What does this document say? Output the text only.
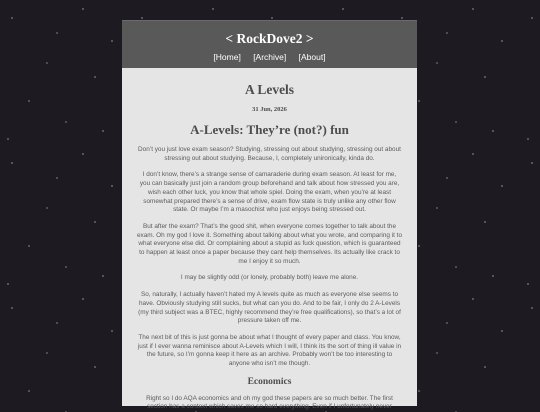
< RockDove2 >
[Home] [Archive] [About]
A Levels
31 Jun, 2026
A-Levels: They’re (not?) fun

Don’t you just love exam season? Studying, stressing out about studying, stressing out about stressing out about studying. Because, I, completely unironically, kinda do.

I don’t know, there’s a strange sense of camaraderie during exam season. At least for me, you can basically just join a random group beforehand and talk about how stressed you are, wish each other luck, you know that whole spiel. Doing the exam, when you’re at least somewhat prepared there’s a sense of drive, exam flow state is truly unlike any other flow state. Or maybe I’m a masochist who just enjoys being stressed out.

But after the exam? That’s the good shit, when everyone comes together to talk about the exam. Oh my god I love it. Something about talking about what you wrote, and comparing it to what everyone else did. Or complaining about a stupid as fuck question, which is guaranteed to happen at least once a paper because they cant help themselves. Its actually like crack to me I enjoy it so much.

I may be slightly odd (or lonely, probably both) leave me alone.

So, naturally, I actually haven’t hated my A levels quite as much as everyone else seems to have. Obviously studying still sucks, but what can you do. And to be fair, I only do 2 A-Levels (my third subject was a BTEC, highly recommend they’re free qualifications), so that’s a lot of pressure taken off me.

The next bit of this is just gonna be about what I thought of every paper and class. You know, just if I ever wanna reminisce about A-Levels which I will, I think its the sort of thing ill value in the future, so I’m gonna keep it here as an archive. Probably won’t be too interesting to anyone who isn’t me though.

Economics

Right so I do AQA economics and oh my god these papers are so much better. The first section has a context which saves me so hard everything. Even if I unfortunately never
